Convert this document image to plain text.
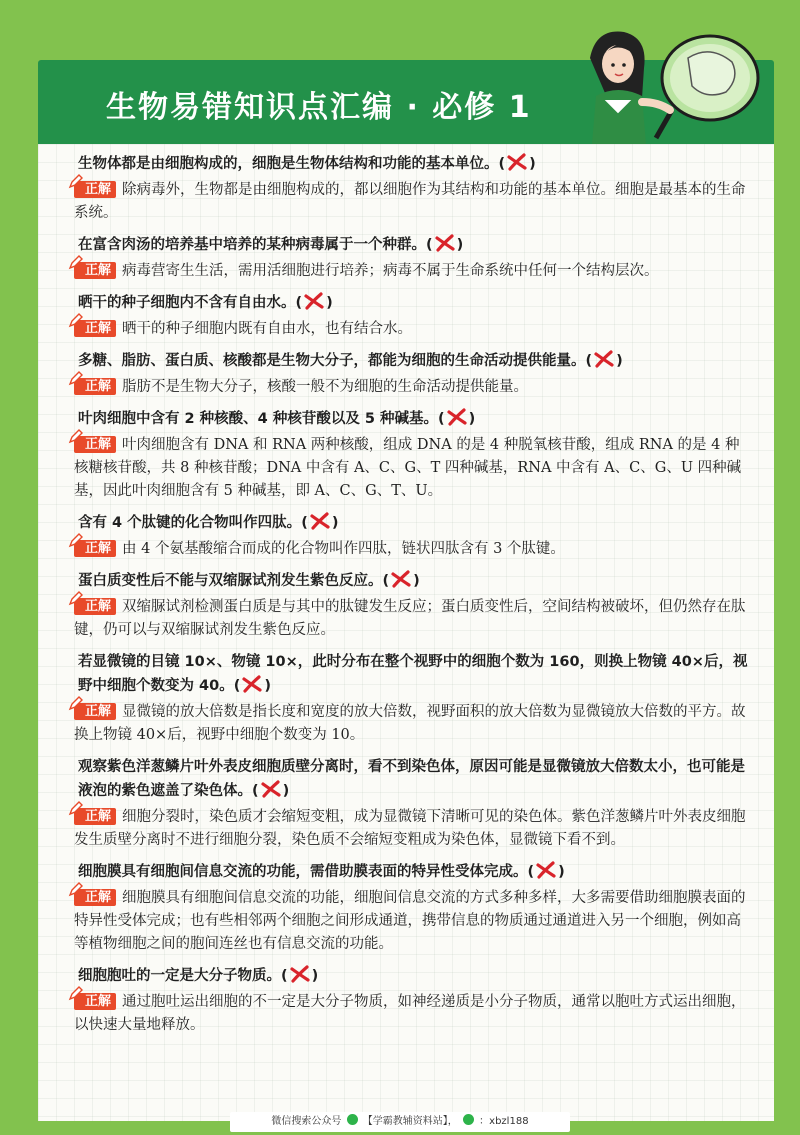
生物易错知识点汇编 · 必修 1
生物体都是由细胞构成的，细胞是生物体结构和功能的基本单位。( )
正解 除病毒外，生物都是由细胞构成的，都以细胞作为其结构和功能的基本单位。细胞是最基本的生命系统。
在富含肉汤的培养基中培养的某种病毒属于一个种群。( )
正解 病毒营寄生生活，需用活细胞进行培养；病毒不属于生命系统中任何一个结构层次。
晒干的种子细胞内不含有自由水。( )
正解 晒干的种子细胞内既有自由水，也有结合水。
多糖、脂肪、蛋白质、核酸都是生物大分子，都能为细胞的生命活动提供能量。( )
正解 脂肪不是生物大分子，核酸一般不为细胞的生命活动提供能量。
叶肉细胞中含有 2 种核酸、4 种核苷酸以及 5 种碱基。( )
正解 叶肉细胞含有 DNA 和 RNA 两种核酸，组成 DNA 的是 4 种脱氧核苷酸，组成 RNA 的是 4 种核糖核苷酸，共 8 种核苷酸；DNA 中含有 A、C、G、T 四种碱基，RNA 中含有 A、C、G、U 四种碱基，因此叶肉细胞含有 5 种碱基，即 A、C、G、T、U。
含有 4 个肽键的化合物叫作四肽。( )
正解 由 4 个氨基酸缩合而成的化合物叫作四肽，链状四肽含有 3 个肽键。
蛋白质变性后不能与双缩脲试剂发生紫色反应。( )
正解 双缩脲试剂检测蛋白质是与其中的肽键发生反应；蛋白质变性后，空间结构被破坏，但仍然存在肽键，仍可以与双缩脲试剂发生紫色反应。
若显微镜的目镜 10×、物镜 10×，此时分布在整个视野中的细胞个数为 160，则换上物镜 40×后，视野中细胞个数变为 40。( )
正解 显微镜的放大倍数是指长度和宽度的放大倍数，视野面积的放大倍数为显微镜放大倍数的平方。故换上物镜 40×后，视野中细胞个数变为 10。
观察紫色洋葱鳞片叶外表皮细胞质壁分离时，看不到染色体，原因可能是显微镜放大倍数太小，也可能是液泡的紫色遮盖了染色体。( )
正解 细胞分裂时，染色质才会缩短变粗，成为显微镜下清晰可见的染色体。紫色洋葱鳞片叶外表皮细胞发生质壁分离时不进行细胞分裂，染色质不会缩短变粗成为染色体，显微镜下看不到。
细胞膜具有细胞间信息交流的功能，需借助膜表面的特异性受体完成。( )
正解 细胞膜具有细胞间信息交流的功能，细胞间信息交流的方式多种多样，大多需要借助细胞膜表面的特异性受体完成；也有些相邻两个细胞之间形成通道，携带信息的物质通过通道进入另一个细胞，例如高等植物细胞之间的胞间连丝也有信息交流的功能。
细胞胞吐的一定是大分子物质。( )
正解 通过胞吐运出细胞的不一定是大分子物质，如神经递质是小分子物质，通常以胞吐方式运出细胞，以快速大量地释放。
微信搜索公众号 【学霸教辅资料站】， ：xbzl188
